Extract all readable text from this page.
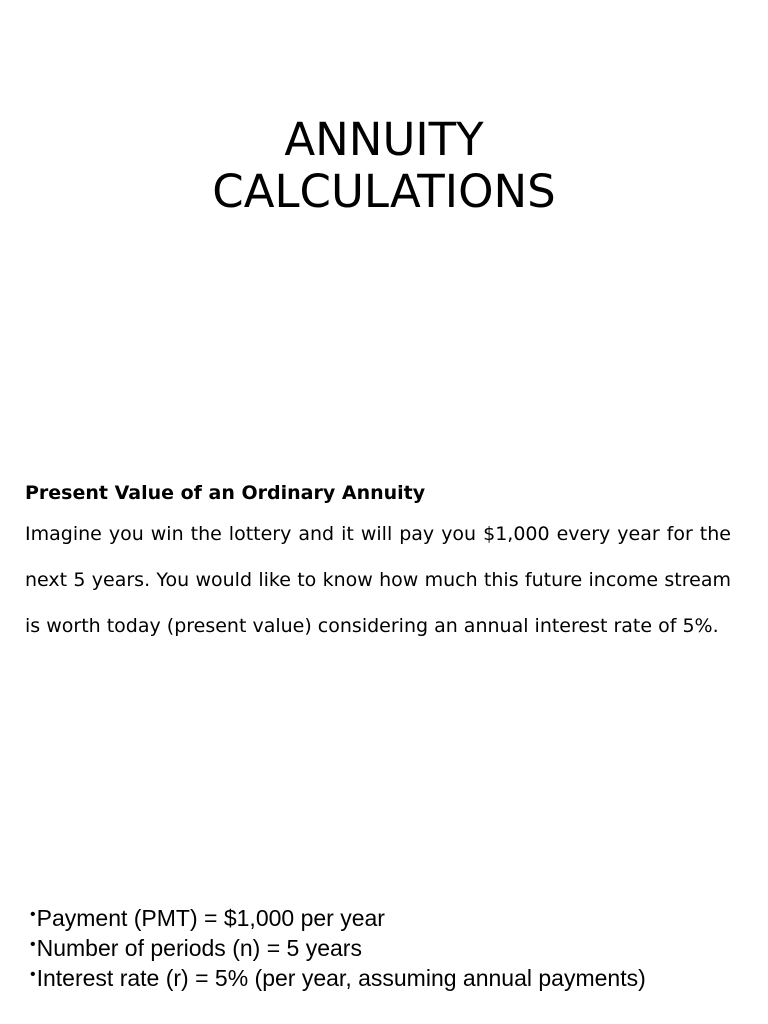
ANNUITY
CALCULATIONS

Present Value of an Ordinary Annuity

Imagine you win the lottery and it will pay you $1,000 every year for the next 5 years. You would like to know how much this future income stream is worth today (present value) considering an annual interest rate of 5%.

• Payment (PMT) = $1,000 per year
• Number of periods (n) = 5 years
• Interest rate (r) = 5% (per year, assuming annual payments)
